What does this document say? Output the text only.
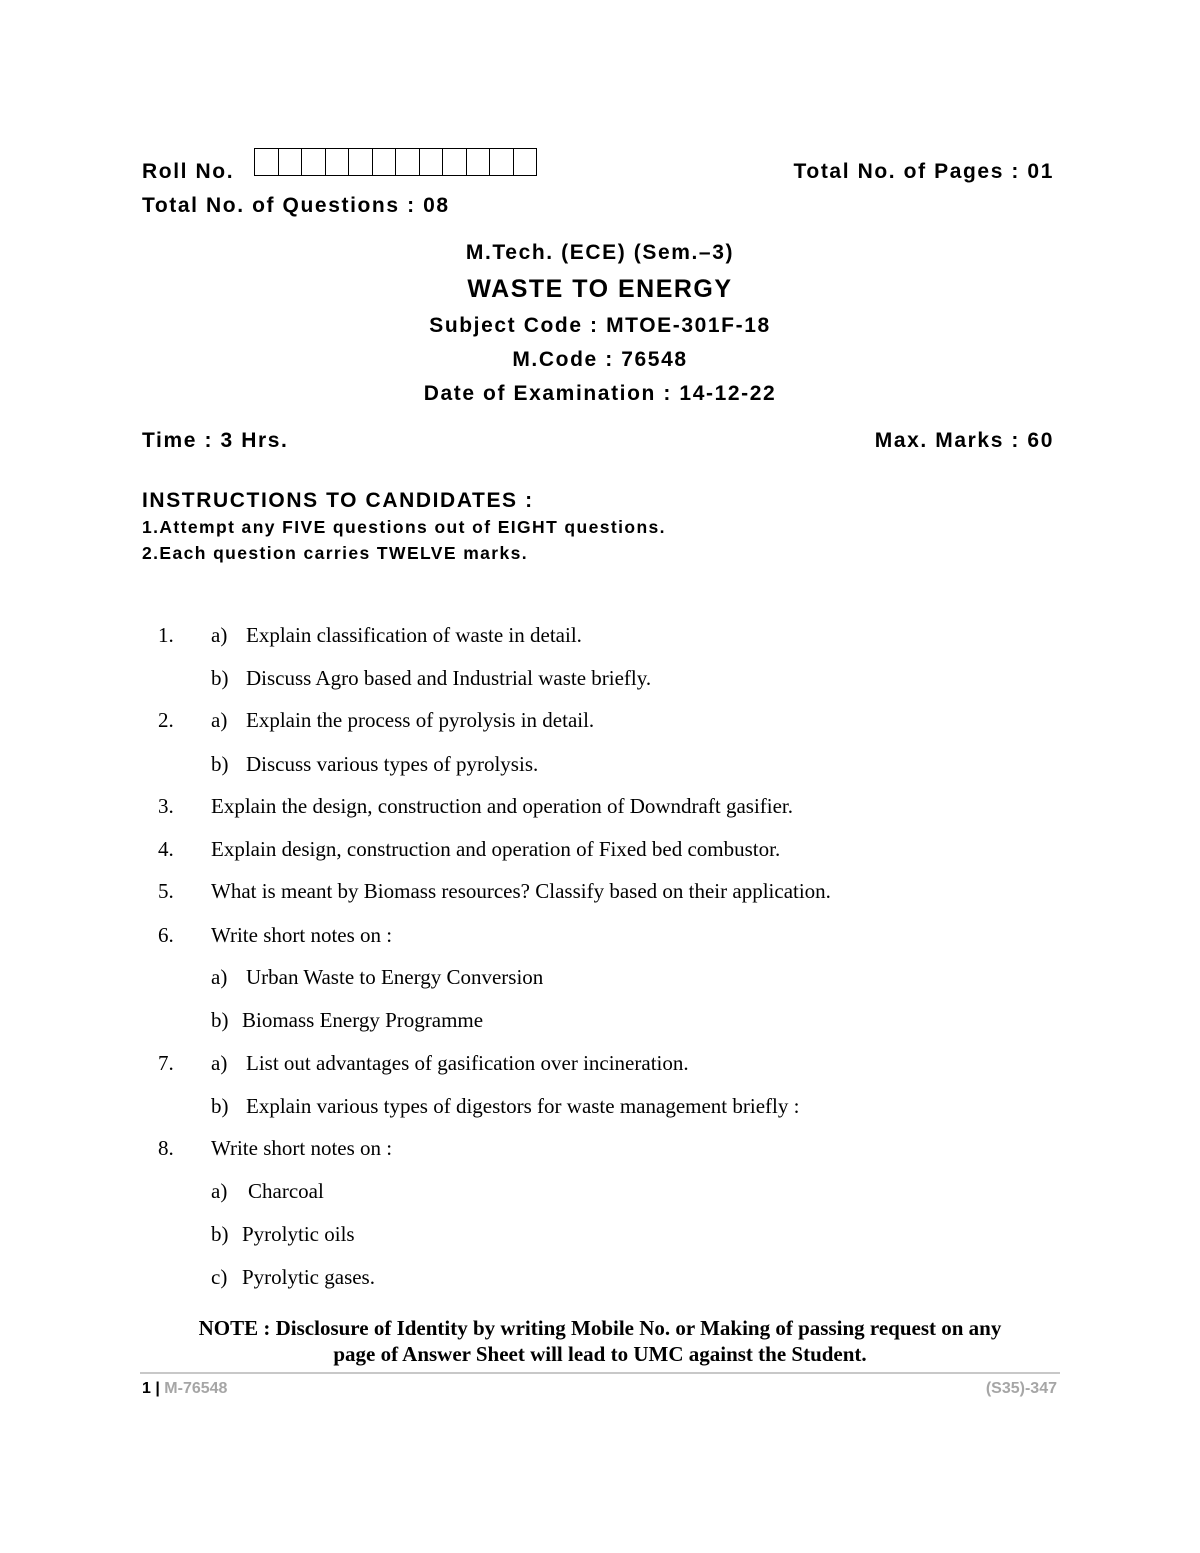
Roll No.	Total No. of Pages : 01
Total No. of Questions : 08
M.Tech. (ECE) (Sem.–3)
WASTE TO ENERGY
Subject Code : MTOE-301F-18
M.Code : 76548
Date of Examination : 14-12-22
Time : 3 Hrs.	Max. Marks : 60
INSTRUCTIONS TO CANDIDATES :
1.Attempt any FIVE questions out of EIGHT questions.
2.Each question carries TWELVE marks.
1. a) Explain classification of waste in detail.
b) Discuss Agro based and Industrial waste briefly.
2. a) Explain the process of pyrolysis in detail.
b) Discuss various types of pyrolysis.
3. Explain the design, construction and operation of Downdraft gasifier.
4. Explain design, construction and operation of Fixed bed combustor.
5. What is meant by Biomass resources? Classify based on their application.
6. Write short notes on :
a) Urban Waste to Energy Conversion
b) Biomass Energy Programme
7. a) List out advantages of gasification over incineration.
b) Explain various types of digestors for waste management briefly :
8. Write short notes on :
a) Charcoal
b) Pyrolytic oils
c) Pyrolytic gases.
NOTE : Disclosure of Identity by writing Mobile No. or Making of passing request on any
page of Answer Sheet will lead to UMC against the Student.
1 | M-76548	(S35)-347
